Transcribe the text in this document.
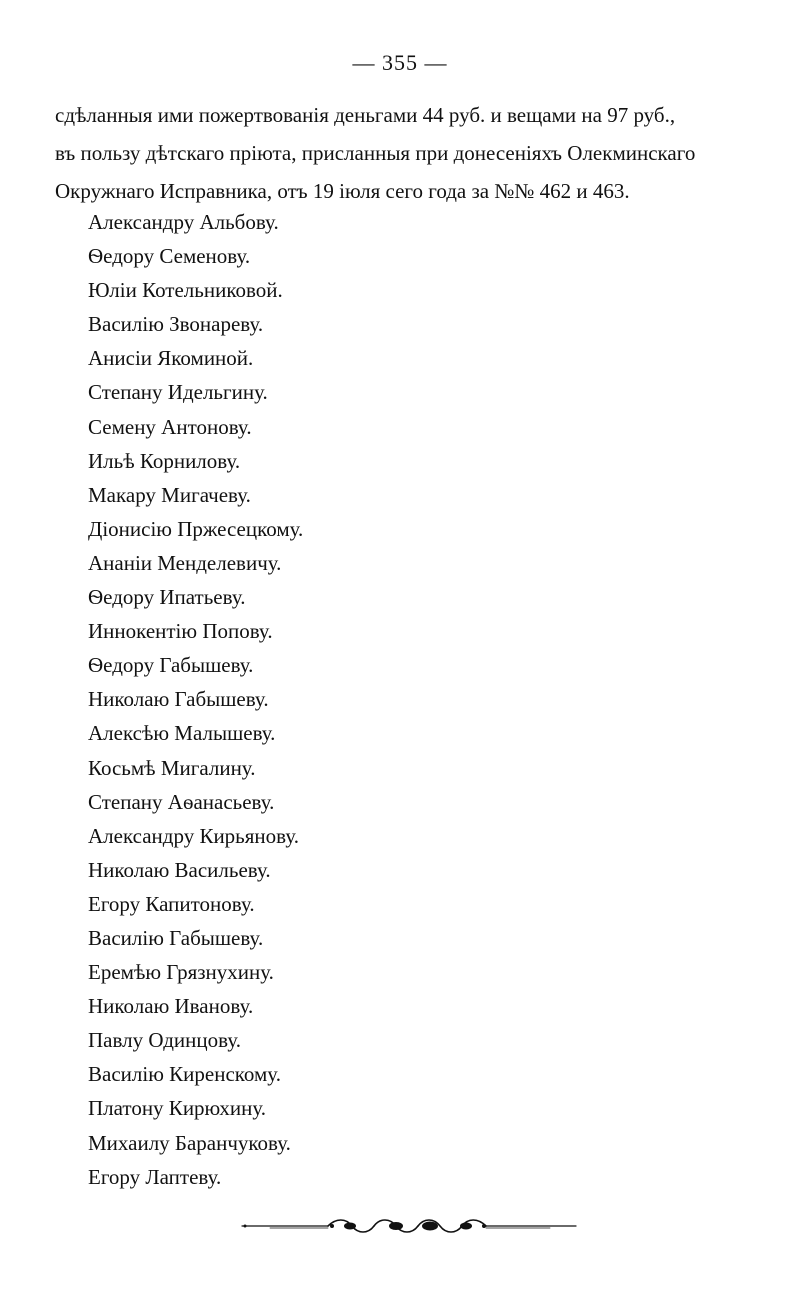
— 355 —
сдѣланныя ими пожертвованія деньгами 44 руб. и вещами на 97 руб.,
въ пользу дѣтскаго пріюта, присланныя при донесеніяхъ Олекминскаго
Окружнаго Исправника, отъ 19 іюля сего года за №№ 462 и 463.
Александру Альбову.
Ѳедору Семенову.
Юліи Котельниковой.
Василію Звонареву.
Анисіи Якоминой.
Степану Идельгину.
Семену Антонову.
Ильѣ Корнилову.
Макару Мигачеву.
Діонисію Пржесецкому.
Ананіи Менделевичу.
Ѳедору Ипатьеву.
Иннокентію Попову.
Ѳедору Габышеву.
Николаю Габышеву.
Алексѣю Малышеву.
Косьмѣ Мигалину.
Степану Аѳанасьеву.
Александру Кирьянову.
Николаю Васильеву.
Егору Капитонову.
Василію Габышеву.
Еремѣю Грязнухину.
Николаю Иванову.
Павлу Одинцову.
Василію Киренскому.
Платону Кирюхину.
Михаилу Баранчукову.
Егору Лаптеву.
